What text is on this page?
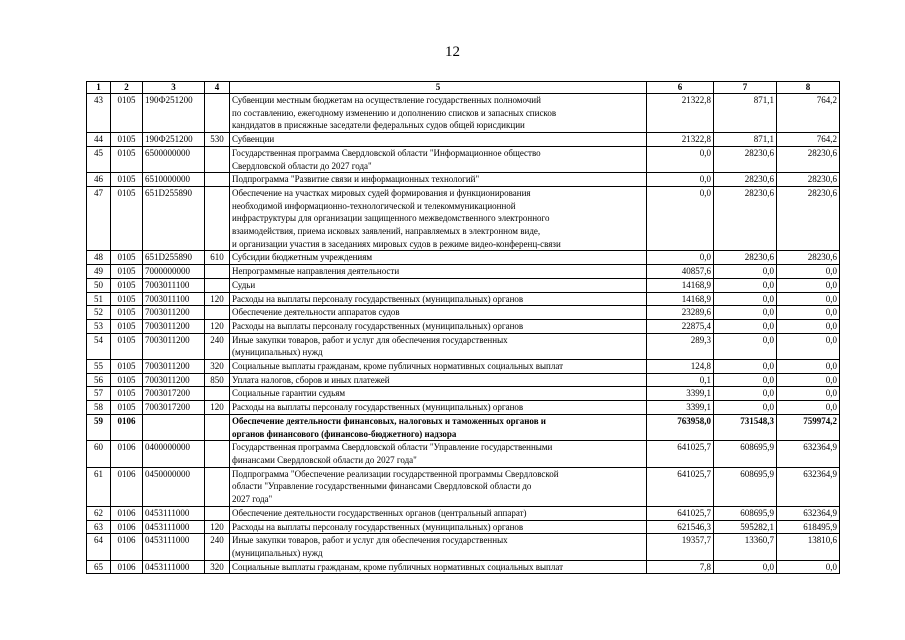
12
1	2	3	4	5	6	7	8
43	0105	190Ф251200		Субвенции местным бюджетам на осуществление государственных полномочий
по составлению, ежегодному изменению и дополнению списков и запасных списков
кандидатов в присяжные заседатели федеральных судов общей юрисдикции	21322,8	871,1	764,2
44	0105	190Ф251200	530	Субвенции	21322,8	871,1	764,2
45	0105	6500000000		Государственная программа Свердловской области "Информационное общество
Свердловской области до 2027 года"	0,0	28230,6	28230,6
46	0105	6510000000		Подпрограмма "Развитие связи и информационных технологий"	0,0	28230,6	28230,6
47	0105	651D255890		Обеспечение на участках мировых судей формирования и функционирования
необходимой информационно-технологической и телекоммуникационной
инфраструктуры для организации защищенного межведомственного электронного
взаимодействия, приема исковых заявлений, направляемых в электронном виде,
и организации участия в заседаниях мировых судов в режиме видео-конференц-связи	0,0	28230,6	28230,6
48	0105	651D255890	610	Субсидии бюджетным учреждениям	0,0	28230,6	28230,6
49	0105	7000000000		Непрограммные направления деятельности	40857,6	0,0	0,0
50	0105	7003011100		Судьи	14168,9	0,0	0,0
51	0105	7003011100	120	Расходы на выплаты персоналу государственных (муниципальных) органов	14168,9	0,0	0,0
52	0105	7003011200		Обеспечение деятельности аппаратов судов	23289,6	0,0	0,0
53	0105	7003011200	120	Расходы на выплаты персоналу государственных (муниципальных) органов	22875,4	0,0	0,0
54	0105	7003011200	240	Иные закупки товаров, работ и услуг для обеспечения государственных
(муниципальных) нужд	289,3	0,0	0,0
55	0105	7003011200	320	Социальные выплаты гражданам, кроме публичных нормативных социальных выплат	124,8	0,0	0,0
56	0105	7003011200	850	Уплата налогов, сборов и иных платежей	0,1	0,0	0,0
57	0105	7003017200		Социальные гарантии судьям	3399,1	0,0	0,0
58	0105	7003017200	120	Расходы на выплаты персоналу государственных (муниципальных) органов	3399,1	0,0	0,0
59	0106			Обеспечение деятельности финансовых, налоговых и таможенных органов и
органов финансового (финансово-бюджетного) надзора	763958,0	731548,3	759974,2
60	0106	0400000000		Государственная программа Свердловской области "Управление государственными
финансами Свердловской области до 2027 года"	641025,7	608695,9	632364,9
61	0106	0450000000		Подпрограмма "Обеспечение реализации государственной программы Свердловской
области "Управление государственными финансами Свердловской области до
2027 года"	641025,7	608695,9	632364,9
62	0106	0453111000		Обеспечение деятельности государственных органов (центральный аппарат)	641025,7	608695,9	632364,9
63	0106	0453111000	120	Расходы на выплаты персоналу государственных (муниципальных) органов	621546,3	595282,1	618495,9
64	0106	0453111000	240	Иные закупки товаров, работ и услуг для обеспечения государственных
(муниципальных) нужд	19357,7	13360,7	13810,6
65	0106	0453111000	320	Социальные выплаты гражданам, кроме публичных нормативных социальных выплат	7,8	0,0	0,0
